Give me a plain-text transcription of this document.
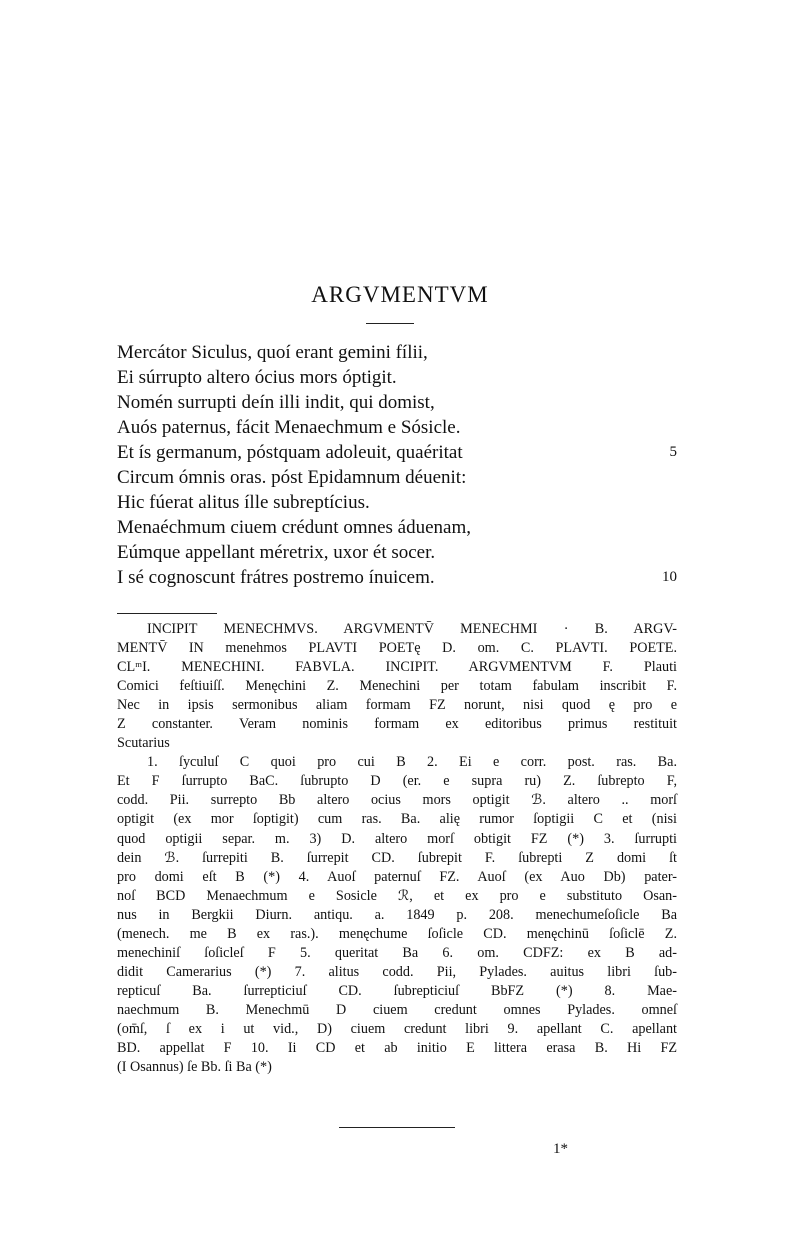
ARGVMENTVM
Mercátor Siculus, quoí erant gemini fílii,
Ei súrrupto altero ócius mors óptigit.
Nomén surrupti deín illi indit, qui domist,
Auós paternus, fácit Menaechmum e Sósicle.
Et ís germanum, póstquam adoleuit, quaéritat	5
Circum ómnis oras. póst Epidamnum déuenit:
Hic fúerat alitus ílle subreptícius.
Menaéchmum ciuem crédunt omnes áduenam,
Eúmque appellant méretrix, uxor ét socer.
I sé cognoscunt frátres postremo ínuicem.	10

INCIPIT MENECHMVS. ARGVMENTV̄ MENECHMI · B. ARGV-
MENTV̄ IN menehmos PLAVTI POETę D. om. C. PLAVTI. POETE.
CLᵐI. MENECHINI. FABVLA. INCIPIT. ARGVMENTVM F. Plauti
Comici feſtiuiſſ. Menęchini Z. Menechini per totam fabulam inscribit F.
Nec in ipsis sermonibus aliam formam FZ norunt, nisi quod ę pro e
Z constanter. Veram nominis formam ex editoribus primus restituit
Scutarius

1. ſyculuſ C quoi pro cui B 2. Ei e corr. post. ras. Ba.
Et F ſurrupto BaC. ſubrupto D (er. e supra ru) Z. ſubrepto F,
codd. Pii. surrepto Bb altero ocius mors optigit ℬ. altero .. morſ
optigit (ex mor ſoptigit) cum ras. Ba. alię rumor ſoptigii C et (nisi
quod optigii separ. m. 3) D. altero morſ obtigit FZ (*) 3. ſurrupti
dein ℬ. ſurrepiti B. ſurrepit CD. ſubrepit F. ſubrepti Z domi ſt
pro domi eſt B (*) 4. Auoſ paternuſ FZ. Auoſ (ex Auo Db) pater-
noſ BCD Menaechmum e Sosicle ℛ, et ex pro e substituto Osan-
nus in Bergkii Diurn. antiqu. a. 1849 p. 208. menechumeſoſicle Ba
(menech. me B ex ras.). menęchume ſoſicle CD. menęchinū ſoſiclē Z.
menechiniſ ſoſicleſ F 5. queritat Ba 6. om. CDFZ: ex B ad-
didit Camerarius (*) 7. alitus codd. Pii, Pylades. auitus libri ſub-
repticuſ Ba. ſurrepticiuſ CD. ſubrepticiuſ BbFZ (*) 8. Mae-
naechmum B. Menechmū D ciuem credunt omnes Pylades. omneſ
(om̄ſ, ſ ex i ut vid., D) ciuem credunt libri 9. apellant C. apellant
BD. appellat F 10. Ii CD et ab initio E littera erasa B. Hi FZ
(I Osannus) ſe Bb. ſi Ba (*)

1*
